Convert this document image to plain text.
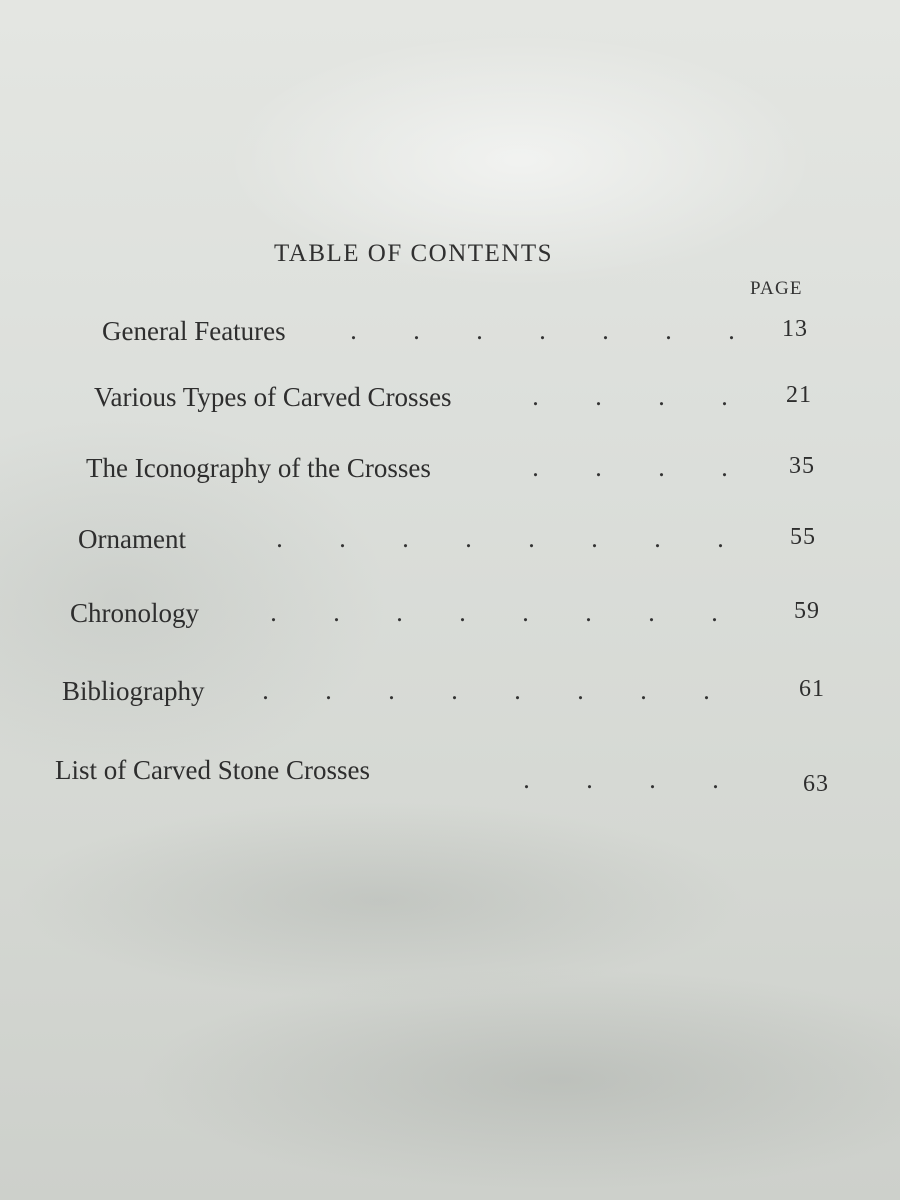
TABLE OF CONTENTS
PAGE
General Features	. . . . . . .	13
Various Types of Carved Crosses	. . . .	21
The Iconography of the Crosses	. . . .	35
Ornament	. . . . . . . .	55
Chronology	. . . . . . . .	59
Bibliography	. . . . . . . .	61
List of Carved Stone Crosses	. . . .	63
